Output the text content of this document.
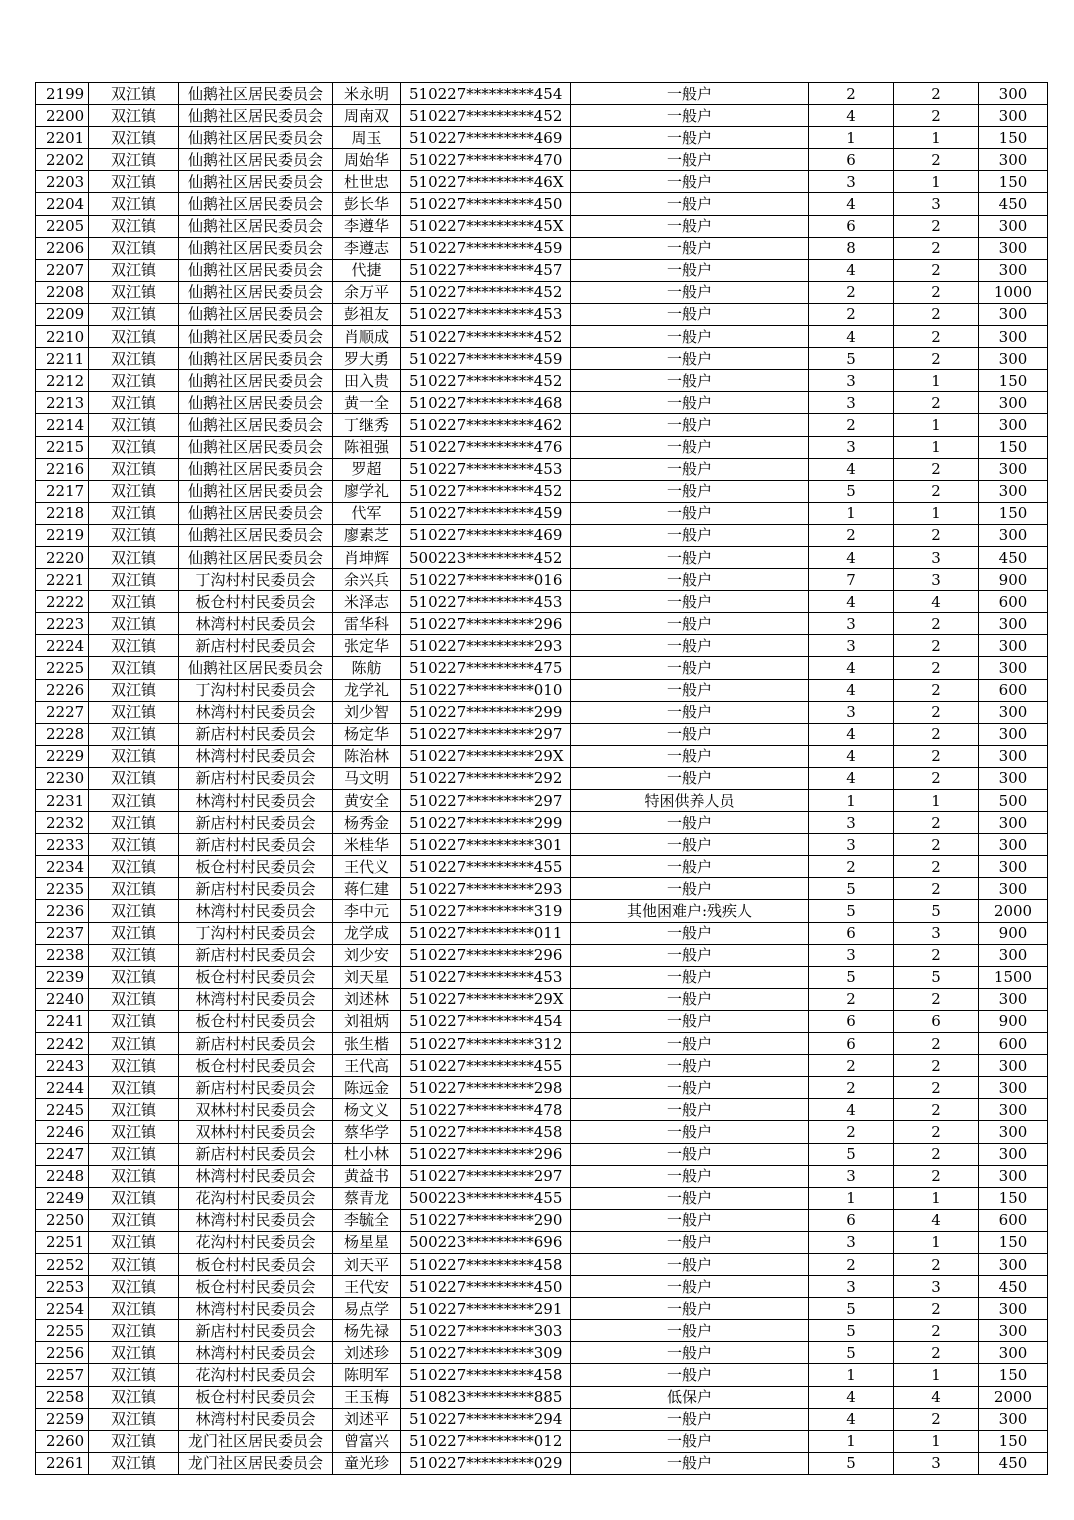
2199	双江镇	仙鹅社区居民委员会	米永明	510227*********454	一般户	2	2	300
2200	双江镇	仙鹅社区居民委员会	周南双	510227*********452	一般户	4	2	300
2201	双江镇	仙鹅社区居民委员会	周玉	510227*********469	一般户	1	1	150
2202	双江镇	仙鹅社区居民委员会	周始华	510227*********470	一般户	6	2	300
2203	双江镇	仙鹅社区居民委员会	杜世忠	510227*********46X	一般户	3	1	150
2204	双江镇	仙鹅社区居民委员会	彭长华	510227*********450	一般户	4	3	450
2205	双江镇	仙鹅社区居民委员会	李遵华	510227*********45X	一般户	6	2	300
2206	双江镇	仙鹅社区居民委员会	李遵志	510227*********459	一般户	8	2	300
2207	双江镇	仙鹅社区居民委员会	代捷	510227*********457	一般户	4	2	300
2208	双江镇	仙鹅社区居民委员会	余万平	510227*********452	一般户	2	2	1000
2209	双江镇	仙鹅社区居民委员会	彭祖友	510227*********453	一般户	2	2	300
2210	双江镇	仙鹅社区居民委员会	肖顺成	510227*********452	一般户	4	2	300
2211	双江镇	仙鹅社区居民委员会	罗大勇	510227*********459	一般户	5	2	300
2212	双江镇	仙鹅社区居民委员会	田入贵	510227*********452	一般户	3	1	150
2213	双江镇	仙鹅社区居民委员会	黄一全	510227*********468	一般户	3	2	300
2214	双江镇	仙鹅社区居民委员会	丁继秀	510227*********462	一般户	2	1	300
2215	双江镇	仙鹅社区居民委员会	陈祖强	510227*********476	一般户	3	1	150
2216	双江镇	仙鹅社区居民委员会	罗超	510227*********453	一般户	4	2	300
2217	双江镇	仙鹅社区居民委员会	廖学礼	510227*********452	一般户	5	2	300
2218	双江镇	仙鹅社区居民委员会	代军	510227*********459	一般户	1	1	150
2219	双江镇	仙鹅社区居民委员会	廖素芝	510227*********469	一般户	2	2	300
2220	双江镇	仙鹅社区居民委员会	肖坤辉	500223*********452	一般户	4	3	450
2221	双江镇	丁沟村村民委员会	余兴兵	510227*********016	一般户	7	3	900
2222	双江镇	板仓村村民委员会	米泽志	510227*********453	一般户	4	4	600
2223	双江镇	林湾村村民委员会	雷华科	510227*********296	一般户	3	2	300
2224	双江镇	新店村村民委员会	张定华	510227*********293	一般户	3	2	300
2225	双江镇	仙鹅社区居民委员会	陈舫	510227*********475	一般户	4	2	300
2226	双江镇	丁沟村村民委员会	龙学礼	510227*********010	一般户	4	2	600
2227	双江镇	林湾村村民委员会	刘少智	510227*********299	一般户	3	2	300
2228	双江镇	新店村村民委员会	杨定华	510227*********297	一般户	4	2	300
2229	双江镇	林湾村村民委员会	陈治林	510227*********29X	一般户	4	2	300
2230	双江镇	新店村村民委员会	马文明	510227*********292	一般户	4	2	300
2231	双江镇	林湾村村民委员会	黄安全	510227*********297	特困供养人员	1	1	500
2232	双江镇	新店村村民委员会	杨秀金	510227*********299	一般户	3	2	300
2233	双江镇	新店村村民委员会	米桂华	510227*********301	一般户	3	2	300
2234	双江镇	板仓村村民委员会	王代义	510227*********455	一般户	2	2	300
2235	双江镇	新店村村民委员会	蒋仁建	510227*********293	一般户	5	2	300
2236	双江镇	林湾村村民委员会	李中元	510227*********319	其他困难户:残疾人	5	5	2000
2237	双江镇	丁沟村村民委员会	龙学成	510227*********011	一般户	6	3	900
2238	双江镇	新店村村民委员会	刘少安	510227*********296	一般户	3	2	300
2239	双江镇	板仓村村民委员会	刘天星	510227*********453	一般户	5	5	1500
2240	双江镇	林湾村村民委员会	刘述林	510227*********29X	一般户	2	2	300
2241	双江镇	板仓村村民委员会	刘祖炳	510227*********454	一般户	6	6	900
2242	双江镇	新店村村民委员会	张生楷	510227*********312	一般户	6	2	600
2243	双江镇	板仓村村民委员会	王代高	510227*********455	一般户	2	2	300
2244	双江镇	新店村村民委员会	陈远金	510227*********298	一般户	2	2	300
2245	双江镇	双林村村民委员会	杨文义	510227*********478	一般户	4	2	300
2246	双江镇	双林村村民委员会	蔡华学	510227*********458	一般户	2	2	300
2247	双江镇	新店村村民委员会	杜小林	510227*********296	一般户	5	2	300
2248	双江镇	林湾村村民委员会	黄益书	510227*********297	一般户	3	2	300
2249	双江镇	花沟村村民委员会	蔡青龙	500223*********455	一般户	1	1	150
2250	双江镇	林湾村村民委员会	李毓全	510227*********290	一般户	6	4	600
2251	双江镇	花沟村村民委员会	杨星星	500223*********696	一般户	3	1	150
2252	双江镇	板仓村村民委员会	刘天平	510227*********458	一般户	2	2	300
2253	双江镇	板仓村村民委员会	王代安	510227*********450	一般户	3	3	450
2254	双江镇	林湾村村民委员会	易点学	510227*********291	一般户	5	2	300
2255	双江镇	新店村村民委员会	杨先禄	510227*********303	一般户	5	2	300
2256	双江镇	林湾村村民委员会	刘述珍	510227*********309	一般户	5	2	300
2257	双江镇	花沟村村民委员会	陈明军	510227*********458	一般户	1	1	150
2258	双江镇	板仓村村民委员会	王玉梅	510823*********885	低保户	4	4	2000
2259	双江镇	林湾村村民委员会	刘述平	510227*********294	一般户	4	2	300
2260	双江镇	龙门社区居民委员会	曾富兴	510227*********012	一般户	1	1	150
2261	双江镇	龙门社区居民委员会	童光珍	510227*********029	一般户	5	3	450
